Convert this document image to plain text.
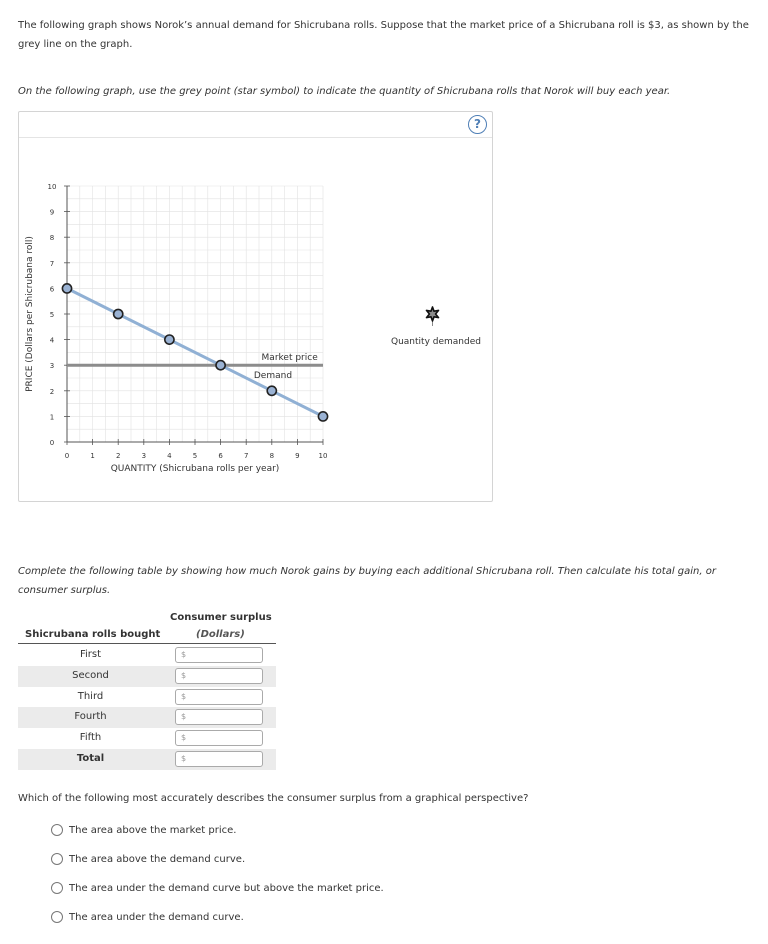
The following graph shows Norok’s annual demand for Shicrubana rolls. Suppose that the market price of a Shicrubana roll is $3, as shown by the grey line on the graph.
On the following graph, use the grey point (star symbol) to indicate the quantity of Shicrubana rolls that Norok will buy each year.
?
0	1	2	3	4	5	6	7	8	9	10
0
1
2
3
4
5
6
7
8
9
10
Market price
Demand
QUANTITY (Shicrubana rolls per year)
PRICE (Dollars per Shicrubana roll)	Quantity demanded
Complete the following table by showing how much Norok gains by buying each additional Shicrubana roll. Then calculate his total gain, or consumer surplus.
Consumer surplus
(Dollars)
Shicrubana rolls bought
First	$
Second	$
Third	$
Fourth	$
Fifth	$
Total	$
Which of the following most accurately describes the consumer surplus from a graphical perspective?
The area above the market price.
The area above the demand curve.
The area under the demand curve but above the market price.
The area under the demand curve.
